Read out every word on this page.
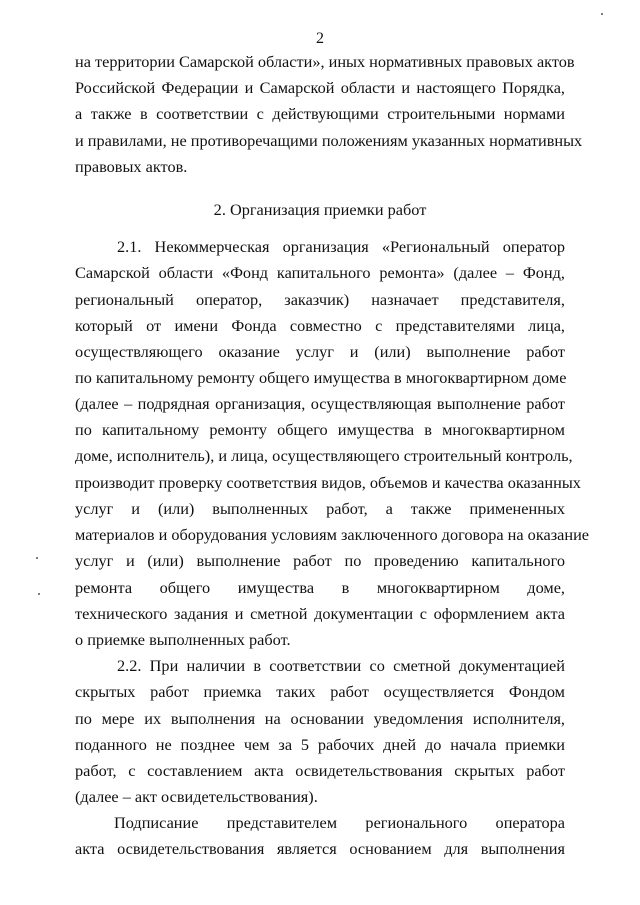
2
на территории Самарской области», иных нормативных правовых актов
Российской Федерации и Самарской области и настоящего Порядка,
а также в соответствии с действующими строительными нормами
и правилами, не противоречащими положениям указанных нормативных
правовых актов.
2. Организация приемки работ
2.1. Некоммерческая организация «Региональный оператор
Самарской области «Фонд капитального ремонта» (далее – Фонд,
региональный оператор, заказчик) назначает представителя,
который от имени Фонда совместно с представителями лица,
осуществляющего оказание услуг и (или) выполнение работ
по капитальному ремонту общего имущества в многоквартирном доме
(далее – подрядная организация, осуществляющая выполнение работ
по капитальному ремонту общего имущества в многоквартирном
доме, исполнитель), и лица, осуществляющего строительный контроль,
производит проверку соответствия видов, объемов и качества оказанных
услуг и (или) выполненных работ, а также примененных
материалов и оборудования условиям заключенного договора на оказание
услуг и (или) выполнение работ по проведению капитального
ремонта общего имущества в многоквартирном доме,
технического задания и сметной документации с оформлением акта
о приемке выполненных работ.
2.2. При наличии в соответствии со сметной документацией
скрытых работ приемка таких работ осуществляется Фондом
по мере их выполнения на основании уведомления исполнителя,
поданного не позднее чем за 5 рабочих дней до начала приемки
работ, с составлением акта освидетельствования скрытых работ
(далее – акт освидетельствования).
Подписание представителем регионального оператора
акта освидетельствования является основанием для выполнения
